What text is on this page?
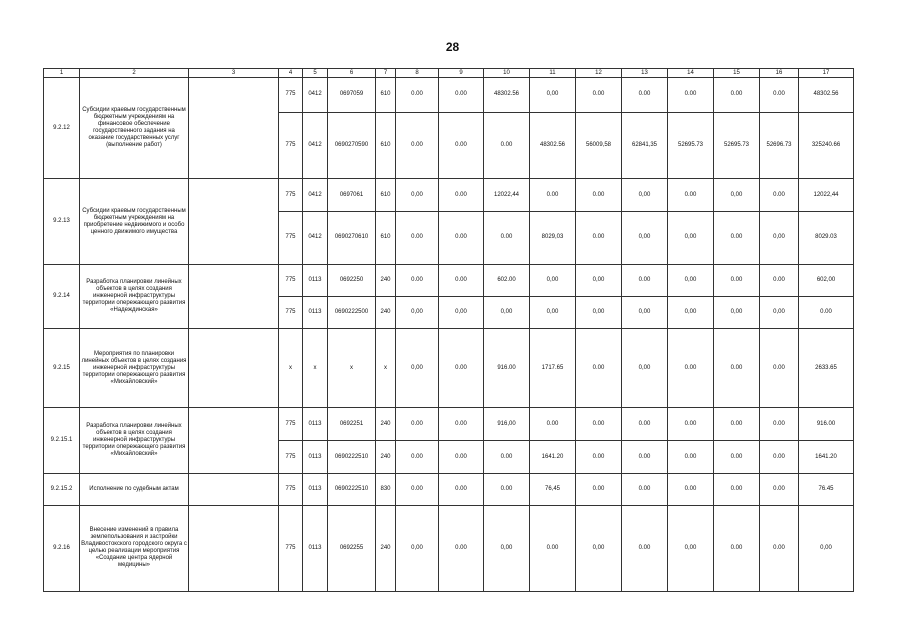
28
1	2	3	4	5	6	7	8	9	10	11	12	13	14	15	16	17
9.2.12	Субсидии краевым государственным бюджетным учреждениям на финансовое обеспечение государственного задания на оказание государственных услуг (выполнение работ)		775	0412	0697059	610	0.00	0.00	48302.56	0,00	0.00	0.00	0.00	0.00	0.00	48302.56
			775	0412	0690270590	610	0.00	0.00	0.00	48302.56	56009,58	62841,35	52695.73	52695.73	52696.73	325240.66
9.2.13	Субсидии краевым государственным бюджетным учреждениям на приобретение недвижимого и особо ценного движимого имущества		775	0412	0697061	610	0,00	0.00	12022,44	0.00	0.00	0,00	0.00	0,00	0.00	12022,44
			775	0412	0690270610	610	0.00	0.00	0.00	8029,03	0.00	0,00	0,00	0.00	0,00	8029.03
9.2.14	Разработка планировки линейных объектов в целях создания инженерной инфраструктуры территории опережающего развития «Надеждинская»		775	0113	0692250	240	0.00	0.00	602.00	0,00	0,00	0.00	0,00	0.00	0.00	602,00
			775	0113	0690222500	240	0,00	0,00	0,00	0,00	0,00	0,00	0,00	0,00	0,00	0.00
9.2.15	Мероприятия по планировки линейных объектов в целях создания инженерной инфраструктуры территории опережающего развития «Михайловский»		х	х	х	х	0,00	0.00	916.00	1717.65	0.00	0,00	0.00	0.00	0.00	2633.65
9.2.15.1	Разработка планировки линейных объектов в целях создания инженерной инфраструктуры территории опережающего развития «Михайловский»		775	0113	0692251	240	0.00	0.00	916,00	0.00	0.00	0.00	0.00	0.00	0.00	916.00
			775	0113	0690222510	240	0.00	0.00	0.00	1641.20	0.00	0.00	0.00	0.00	0.00	1641.20
9.2.15.2	Исполнение по судебным актам		775	0113	0690222510	830	0.00	0.00	0.00	76,45	0.00	0.00	0.00	0.00	0.00	76.45
9.2.16	Внесение изменений в правила землепользования и застройки Владивостокского городского округа с целью реализации мероприятия «Создание центра ядерной медицины»		775	0113	0692255	240	0,00	0.00	0,00	0.00	0,00	0.00	0,00	0.00	0.00	0,00
